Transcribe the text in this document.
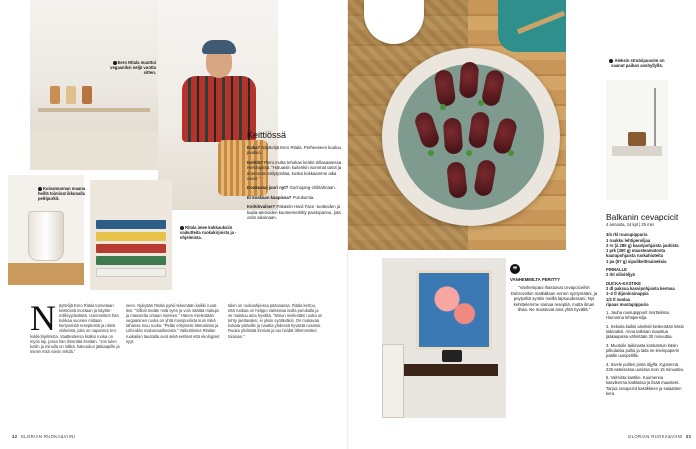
Eero Ritala muuttui vegaaniksi neljä vuotta sitten.
Kuivamuonan maana heillä toimivat ikkunalla peltipurkit.
Ritala imee kokkauksiin vaikutteita ruokakirjoista ja -ohjelmista.
Keittiössä

Kuka? Näyttelijä Eero Ritala. Perheeseen kuuluu puoliso.

Keittiö? Pieni mutta tehokas keittiö Sillasaaressa Helsingissä. "Haluaisin kuitenkin isommat tasot ja enemmän säilytystilaa, koska kokkaamme aika usein."

Koukussa juuri nyt? Guchujang-chilitahnaan.

Ei koskaan kaapissa? Purukumia.

Keittiövaline? Pakastin Hard Face -tuotteiden ja kupla-aterioiden kuumemerkitty paistopannu, jota ostin aikoinaan.

N äyttelijä Eero Ritala tunnetaan keittiössä inostaan ja käytännöllisyydestään. Useimmiten hän kokkaa vuosien mittaan kertyneistä resepteistä ja niistä vinkeistä, joita on napannut tv:n kokkiohjelmista. Vaatteidensa lisäksi ruoka on myös laji, jossa hän ilmentää itseään. "Jos tulen kotiin ja minulla on nälkä, hakeudun jääkaapille ja mietin mitä voisin tehdä."

seen. Nykyään Ritala pyrkii tekemään kaikki ruoat itse. "Silloin tiedän mitä syön ja voin säätää makuja ja mausteita omaan mieleen." Hänen mielestään vegaaninen ruoka on yhtä monipuolista kuin mikä tahansa muu ruoka. "Pidän erityisesti itämaisista ja Lähi-idän makumaailmoista." Vaikuttimina Ritalan ruokailun taustalla ovat sekä eettiset että ekologiset syyt.

takin on ruokaohjeissa pääosassa. Ritala kertoo, että ruokaa on helppo valmistaa isolla porukalla ja se maistuu aina hyvältä. "Minun mielestäni ruoka on tehty jaettavaksi, ei yksin syötäväksi. On mukavaa kokata ystäville ja nauttia yhdessä hyvästä ruoasta. Ruoka yhdistää ihmisiä ja tuo heidät lähemmäksi toisiaan."

32 GLORIAN RUOKA&VIINI
Aleksin strutsipuuvim on saanut paikan avohyllyllä.
❞
VANHEMMILTA PERITTY
"Vanhempani ihastuivat cevapciceihin Dubrovnikin matkallaan ennen syntymääni, ja pöytyöltä syötiin meillä lapsuudessani. Nyt kehittelemme samaa reseptiä, mutta ilman lihaa. Ne maistuvat aina yhtä hyvältä."
Balkanin cevapcicit
4 annosta, 14 kpl | 25 min
3/4 rkl ruusupippuria
1 ruukku lehtipersiljaa
2 rs (á 280 g) kaavipohjaista jauhista
1 prk (300 g) mausteamatonta kaurapohjaista ruokahiuteita
1 pa (57 g) sipulikeittoaineksia
PINNALLE
2 rkl oliiviöljyä
DUCKA-KASTIKE
2 dl paksua kasvipohjaista kermaa
1–2 tl dijoninsinappia
1/2 tl suolaa
ripaus mustapippuria
1. Jauha ruusupippurit morttelissa. Hienonna lehtipersilja.
2. Sekoita kaikki aineksit keskenään käsin taikinaksi. Anna taikinan maustua jääkaapissa vähintään 30 minuuttia.
3. Muotoile taikinasta kostutetuin käsin pitkulaisia pullia ja laita ne leivinpaperin päälle uunipellille.
4. Sivele pullien pinta öljyllä. Kypsennä 225-asteisessa uunissa noin 15 minuuttia.
5. Valmista kastike. Kuumenna kasvikerma kattilassa ja lisää mausteet. Tarjoa cevapcicit kastikkeen ja salaattien kera.
GLORIAN RUOKA&VIINI 33
